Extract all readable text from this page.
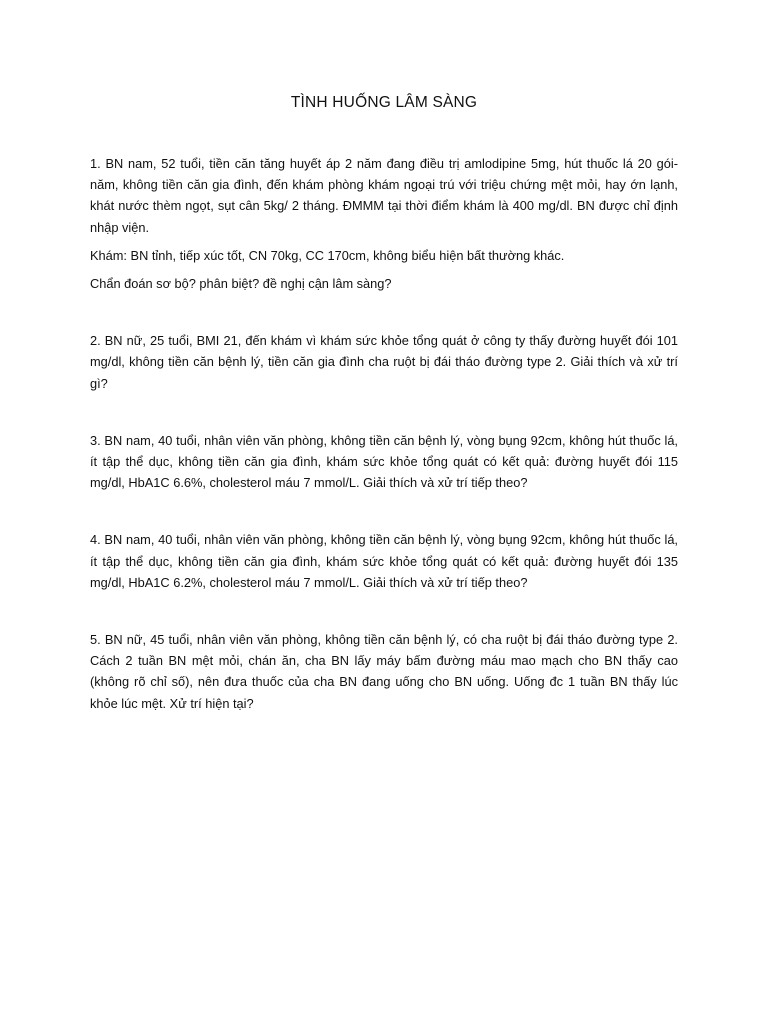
TÌNH HUỐNG LÂM SÀNG

1. BN nam, 52 tuổi, tiền căn tăng huyết áp 2 năm đang điều trị amlodipine 5mg, hút thuốc lá 20 gói-năm, không tiền căn gia đình, đến khám phòng khám ngoại trú với triệu chứng mệt mỏi, hay ớn lạnh, khát nước thèm ngọt, sụt cân 5kg/ 2 tháng. ĐMMM tại thời điểm khám là 400 mg/dl. BN được chỉ định nhập viện.

Khám: BN tỉnh, tiếp xúc tốt, CN 70kg, CC 170cm, không biểu hiện bất thường khác.

Chẩn đoán sơ bộ? phân biệt? đề nghị cận lâm sàng?

2. BN nữ, 25 tuổi, BMI 21, đến khám vì khám sức khỏe tổng quát ở công ty thấy đường huyết đói 101 mg/dl, không tiền căn bệnh lý, tiền căn gia đình cha ruột bị đái tháo đường type 2. Giải thích và xử trí gì?

3. BN nam, 40 tuổi, nhân viên văn phòng, không tiền căn bệnh lý, vòng bụng 92cm, không hút thuốc lá, ít tập thể dục, không tiền căn gia đình, khám sức khỏe tổng quát có kết quả: đường huyết đói 115 mg/dl, HbA1C 6.6%, cholesterol máu 7 mmol/L. Giải thích và xử trí tiếp theo?

4. BN nam, 40 tuổi, nhân viên văn phòng, không tiền căn bệnh lý, vòng bụng 92cm, không hút thuốc lá, ít tập thể dục, không tiền căn gia đình, khám sức khỏe tổng quát có kết quả: đường huyết đói 135 mg/dl, HbA1C 6.2%, cholesterol máu 7 mmol/L. Giải thích và xử trí tiếp theo?

5. BN nữ, 45 tuổi, nhân viên văn phòng, không tiền căn bệnh lý, có cha ruột bị đái tháo đường type 2. Cách 2 tuần BN mệt mỏi, chán ăn, cha BN lấy máy bấm đường máu mao mạch cho BN thấy cao (không rõ chỉ số), nên đưa thuốc của cha BN đang uống cho BN uống. Uống đc 1 tuần BN thấy lúc khỏe lúc mệt. Xử trí hiện tại?
